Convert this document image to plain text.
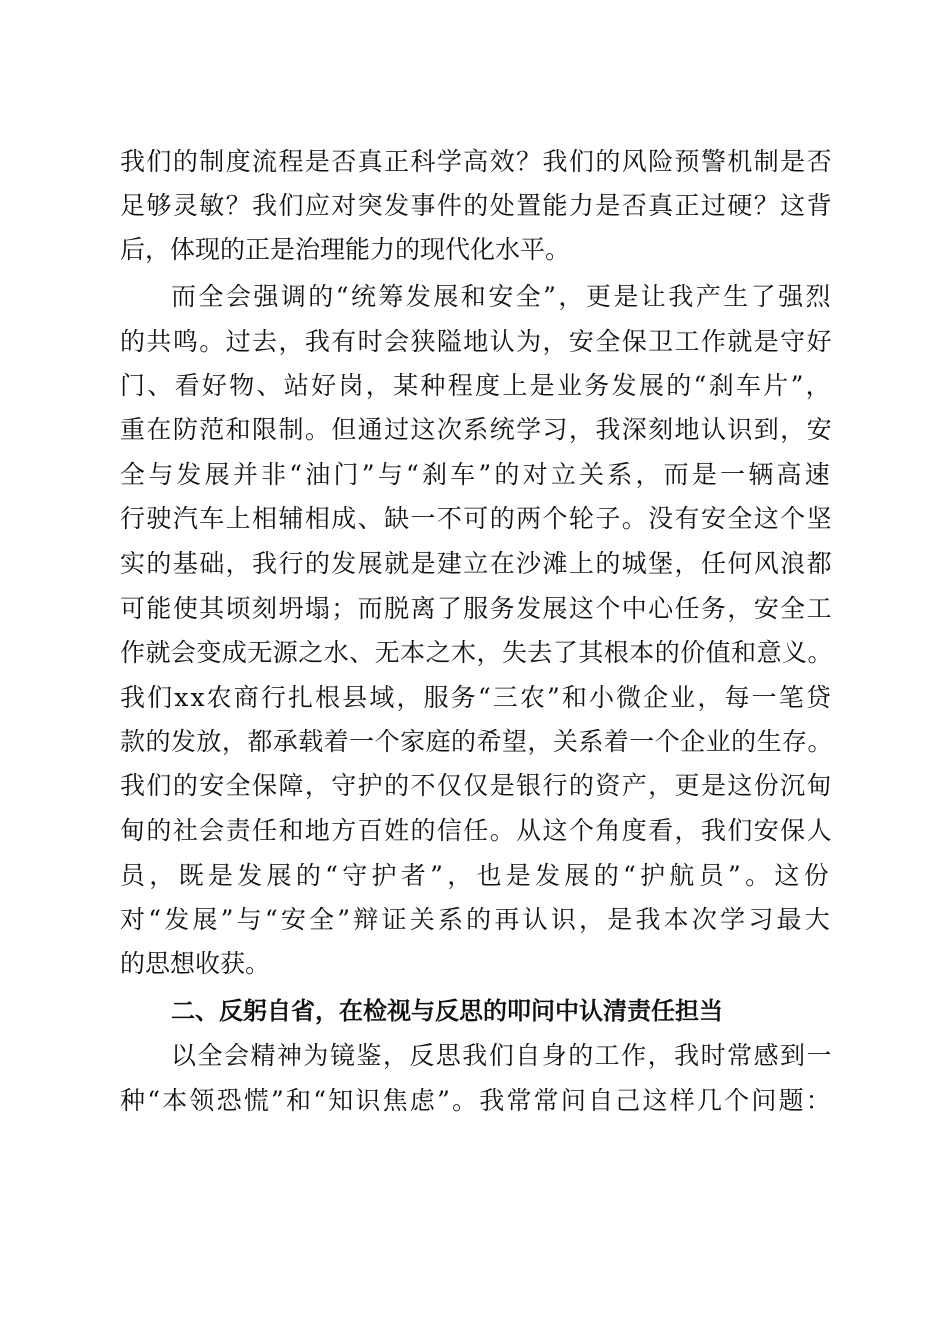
我们的制度流程是否真正科学高效？我们的风险预警机制是否
足够灵敏？我们应对突发事件的处置能力是否真正过硬？这背
后，体现的正是治理能力的现代化水平。
而全会强调的“统筹发展和安全”，更是让我产生了强烈
的共鸣。过去，我有时会狭隘地认为，安全保卫工作就是守好
门、看好物、站好岗，某种程度上是业务发展的“刹车片”，
重在防范和限制。但通过这次系统学习，我深刻地认识到，安
全与发展并非“油门”与“刹车”的对立关系，而是一辆高速
行驶汽车上相辅相成、缺一不可的两个轮子。没有安全这个坚
实的基础，我行的发展就是建立在沙滩上的城堡，任何风浪都
可能使其顷刻坍塌；而脱离了服务发展这个中心任务，安全工
作就会变成无源之水、无本之木，失去了其根本的价值和意义。
我们xx农商行扎根县域，服务“三农”和小微企业，每一笔贷
款的发放，都承载着一个家庭的希望，关系着一个企业的生存。
我们的安全保障，守护的不仅仅是银行的资产，更是这份沉甸
甸的社会责任和地方百姓的信任。从这个角度看，我们安保人
员，既是发展的“守护者”，也是发展的“护航员”。这份
对“发展”与“安全”辩证关系的再认识，是我本次学习最大
的思想收获。
二、反躬自省，在检视与反思的叩问中认清责任担当
以全会精神为镜鉴，反思我们自身的工作，我时常感到一
种“本领恐慌”和“知识焦虑”。我常常问自己这样几个问题：
